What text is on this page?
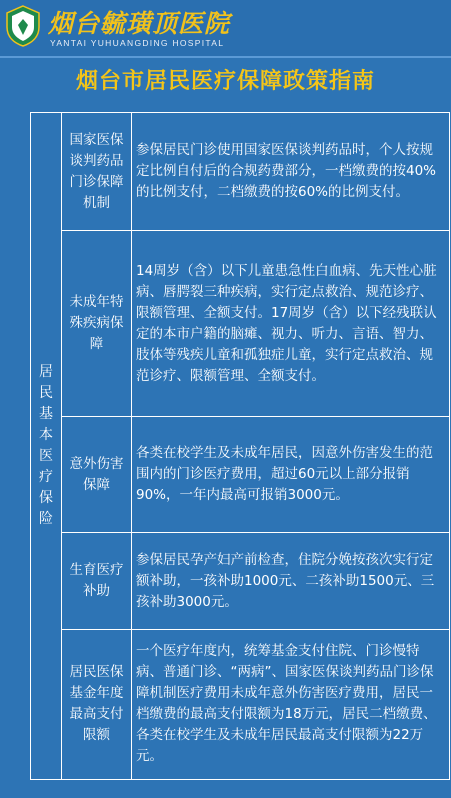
烟台毓璜顶医院
YANTAI YUHUANGDING HOSPITAL
烟台市居民医疗保障政策指南
居民基本医疗保险
国家医保谈判药品门诊保障机制
参保居民门诊使用国家医保谈判药品时，个人按规定比例自付后的合规药费部分，一档缴费的按40%的比例支付，二档缴费的按60%的比例支付。
未成年特殊疾病保障
14周岁（含）以下儿童患急性白血病、先天性心脏病、唇腭裂三种疾病，实行定点救治、规范诊疗、限额管理、全额支付。17周岁（含）以下经残联认定的本市户籍的脑瘫、视力、听力、言语、智力、肢体等残疾儿童和孤独症儿童，实行定点救治、规范诊疗、限额管理、全额支付。
意外伤害保障
各类在校学生及未成年居民，因意外伤害发生的范围内的门诊医疗费用，超过60元以上部分报销90%，一年内最高可报销3000元。
生育医疗补助
参保居民孕产妇产前检查，住院分娩按孩次实行定额补助，一孩补助1000元、二孩补助1500元、三孩补助3000元。
居民医保基金年度最高支付限额
一个医疗年度内，统筹基金支付住院、门诊慢特病、普通门诊、“两病”、国家医保谈判药品门诊保障机制医疗费用未成年意外伤害医疗费用，居民一档缴费的最高支付限额为18万元，居民二档缴费、各类在校学生及未成年居民最高支付限额为22万元。
